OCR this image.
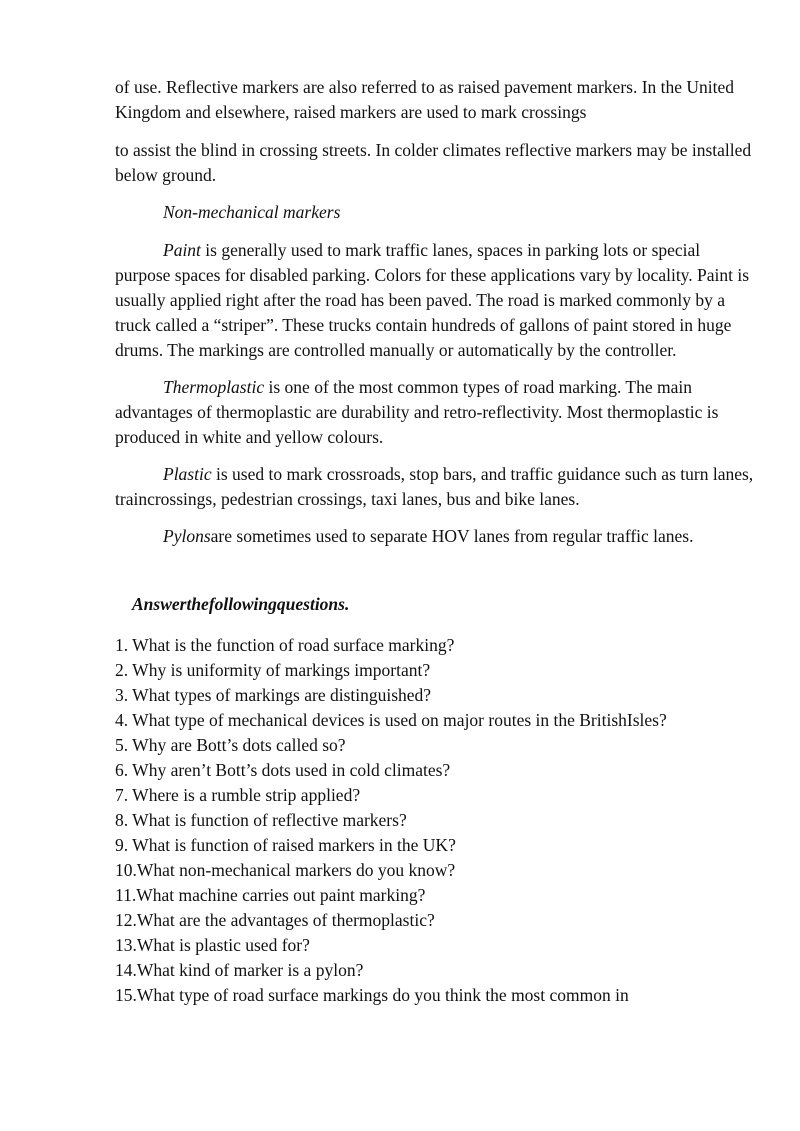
of use. Reflective markers are also referred to as raised pavement markers. In the United Kingdom and elsewhere, raised markers are used to mark crossings

to assist the blind in crossing streets. In colder climates reflective markers may be installed below ground.

Non-mechanical markers

Paint is generally used to mark traffic lanes, spaces in parking lots or special purpose spaces for disabled parking. Colors for these applications vary by locality. Paint is usually applied right after the road has been paved. The road is marked commonly by a truck called a “striper”. These trucks contain hundreds of gallons of paint stored in huge drums. The markings are controlled manually or automatically by the controller.

Thermoplastic is one of the most common types of road marking. The main advantages of thermoplastic are durability and retro-reflectivity. Most thermoplastic is produced in white and yellow colours.

Plastic is used to mark crossroads, stop bars, and traffic guidance such as turn lanes, traincrossings, pedestrian crossings, taxi lanes, bus and bike lanes.

Pylonsare sometimes used to separate HOV lanes from regular traffic lanes.

Answerthefollowingquestions.

1. What is the function of road surface marking?
2. Why is uniformity of markings important?
3. What types of markings are distinguished?
4. What type of mechanical devices is used on major routes in the BritishIsles?
5. Why are Bott’s dots called so?
6. Why aren’t Bott’s dots used in cold climates?
7. Where is a rumble strip applied?
8. What is function of reflective markers?
9. What is function of raised markers in the UK?
10.What non-mechanical markers do you know?
11.What machine carries out paint marking?
12.What are the advantages of thermoplastic?
13.What is plastic used for?
14.What kind of marker is a pylon?
15.What type of road surface markings do you think the most common in
